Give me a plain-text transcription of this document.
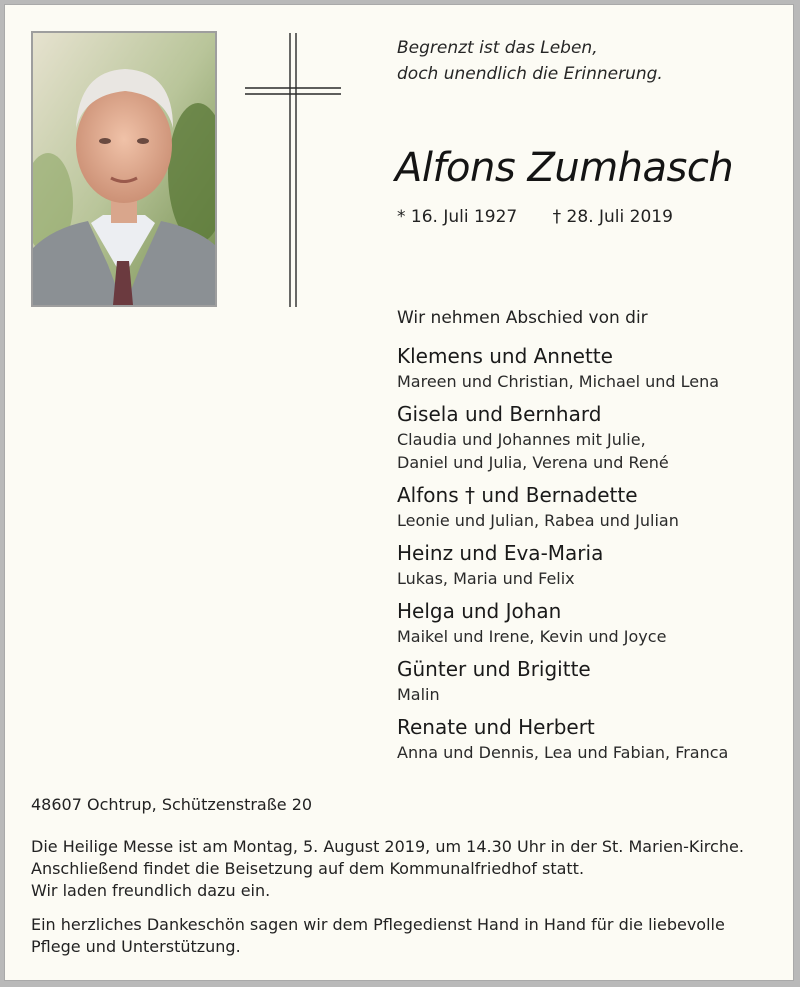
Begrenzt ist das Leben,
doch unendlich die Erinnerung.
Alfons Zumhasch
* 16. Juli 1927 † 28. Juli 2019
Wir nehmen Abschied von dir
Klemens und Annette
Mareen und Christian, Michael und Lena
Gisela und Bernhard
Claudia und Johannes mit Julie,
Daniel und Julia, Verena und René
Alfons † und Bernadette
Leonie und Julian, Rabea und Julian
Heinz und Eva-Maria
Lukas, Maria und Felix
Helga und Johan
Maikel und Irene, Kevin und Joyce
Günter und Brigitte
Malin
Renate und Herbert
Anna und Dennis, Lea und Fabian, Franca
48607 Ochtrup, Schützenstraße 20
Die Heilige Messe ist am Montag, 5. August 2019, um 14.30 Uhr in der St. Marien-Kirche.
Anschließend findet die Beisetzung auf dem Kommunalfriedhof statt.
Wir laden freundlich dazu ein.
Ein herzliches Dankeschön sagen wir dem Pflegedienst Hand in Hand für die liebevolle
Pflege und Unterstützung.
